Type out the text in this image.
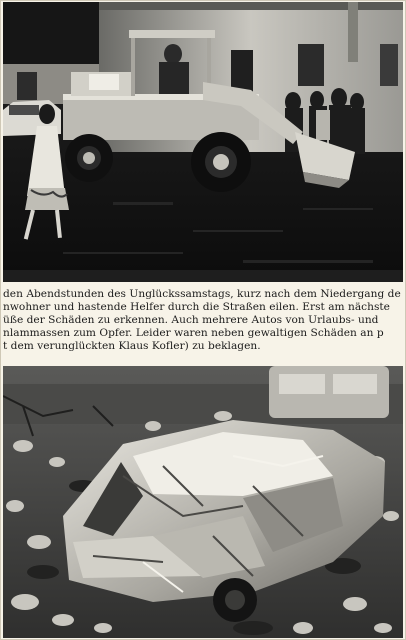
den Abendstunden des Unglückssamstags, kurz nach dem Niedergang de
nwohner und hastende Helfer durch die Straßen eilen. Erst am nächste
üße der Schäden zu erkennen. Auch mehrere Autos von Urlaubs- und
nlammassen zum Opfer. Leider waren neben gewaltigen Schäden an p
t dem verunglückten Klaus Kofler) zu beklagen.
